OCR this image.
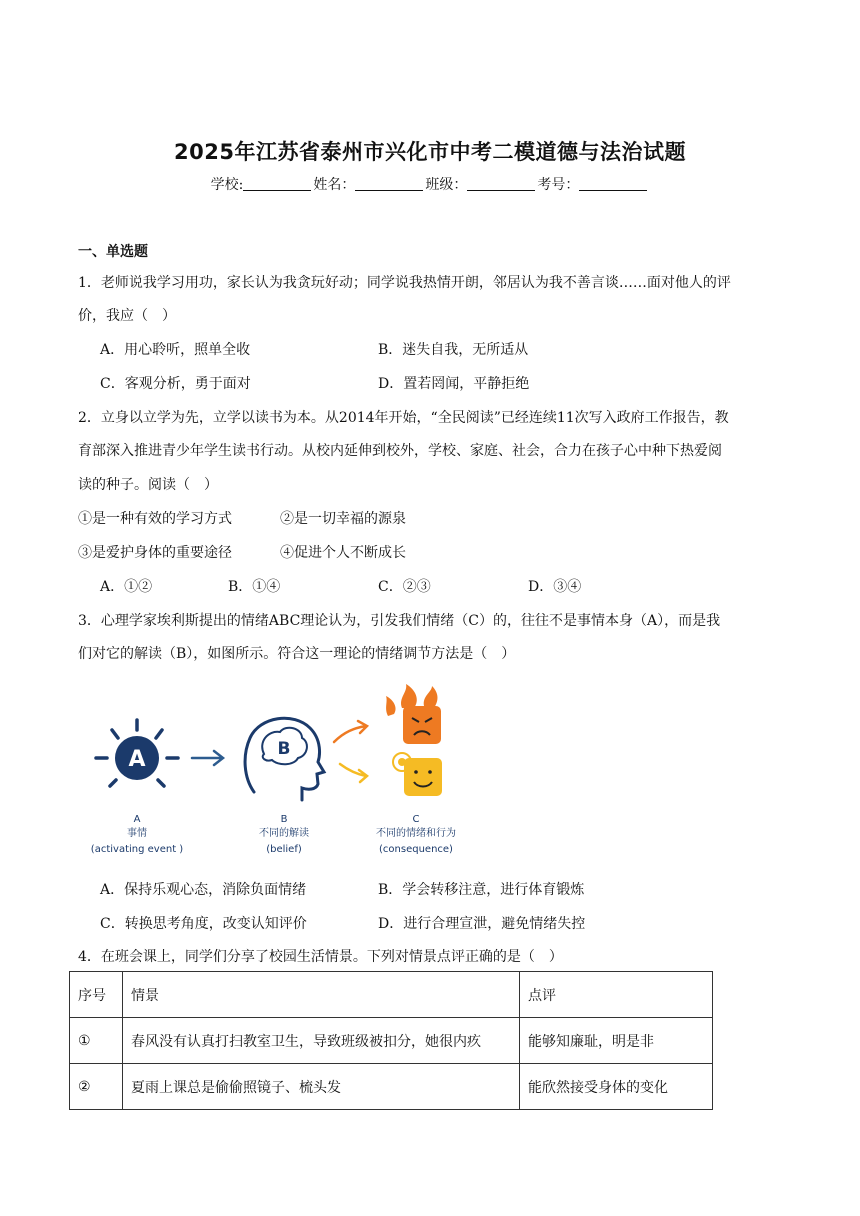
2025年江苏省泰州市兴化市中考二模道德与法治试题
学校:	姓名：	班级：	考号：
一、单选题
1．老师说我学习用功，家长认为我贪玩好动；同学说我热情开朗，邻居认为我不善言谈……面对他人的评
价，我应（　）
A．用心聆听，照单全收	B．迷失自我，无所适从
C．客观分析，勇于面对	D．置若罔闻，平静拒绝
2．立身以立学为先，立学以读书为本。从2014年开始，“全民阅读”已经连续11次写入政府工作报告，教
育部深入推进青少年学生读书行动。从校内延伸到校外，学校、家庭、社会，合力在孩子心中种下热爱阅
读的种子。阅读（　）
①是一种有效的学习方式	②是一切幸福的源泉
③是爱护身体的重要途径	④促进个人不断成长
A．①②	B．①④	C．②③	D．③④
3．心理学家埃利斯提出的情绪ABC理论认为，引发我们情绪（C）的，往往不是事情本身（A），而是我
们对它的解读（B），如图所示。符合这一理论的情绪调节方法是（　）
A	B
A
事情
(activating event )
B
不同的解读
(belief)
C
不同的情绪和行为
(consequence)
A．保持乐观心态，消除负面情绪	B．学会转移注意，进行体育锻炼
C．转换思考角度，改变认知评价	D．进行合理宣泄，避免情绪失控
4．在班会课上，同学们分享了校园生活情景。下列对情景点评正确的是（　）
序号	情景	点评
①	春风没有认真打扫教室卫生，导致班级被扣分，她很内疚	能够知廉耻，明是非
②	夏雨上课总是偷偷照镜子、梳头发	能欣然接受身体的变化
